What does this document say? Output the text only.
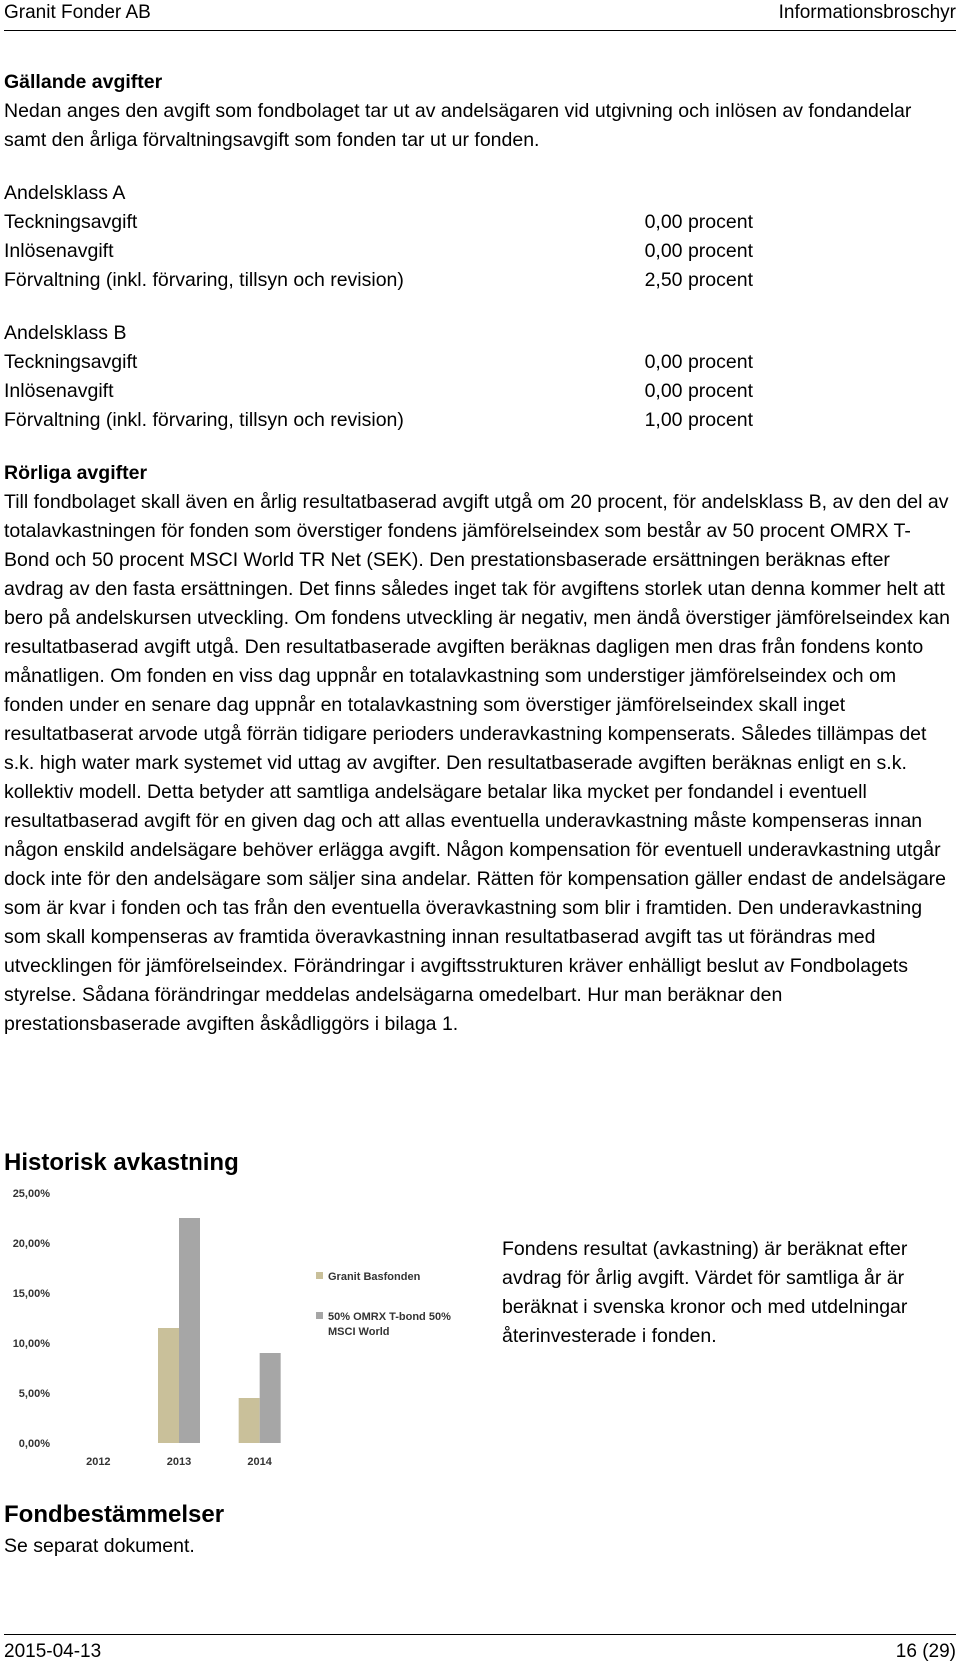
Granit Fonder AB	Informationsbroschyr

Gällande avgifter

Nedan anges den avgift som fondbolaget tar ut av andelsägaren vid utgivning och inlösen av fondandelar samt den årliga förvaltningsavgift som fonden tar ut ur fonden.

Andelsklass A
Teckningsavgift	0,00 procent
Inlösenavgift	0,00 procent
Förvaltning (inkl. förvaring, tillsyn och revision)	2,50 procent
Andelsklass B
Teckningsavgift	0,00 procent
Inlösenavgift	0,00 procent
Förvaltning (inkl. förvaring, tillsyn och revision)	1,00 procent

Rörliga avgifter

Till fondbolaget skall även en årlig resultatbaserad avgift utgå om 20 procent, för andelsklass B, av den del av totalavkastningen för fonden som överstiger fondens jämförelseindex som består av 50 procent OMRX T-Bond och 50 procent MSCI World TR Net (SEK). Den prestationsbaserade ersättningen beräknas efter avdrag av den fasta ersättningen. Det finns således inget tak för avgiftens storlek utan denna kommer helt att bero på andelskursen utveckling. Om fondens utveckling är negativ, men ändå överstiger jämförelseindex kan resultatbaserad avgift utgå. Den resultatbaserade avgiften beräknas dagligen men dras från fondens konto månatligen. Om fonden en viss dag uppnår en totalavkastning som understiger jämförelseindex och om fonden under en senare dag uppnår en totalavkastning som överstiger jämförelseindex skall inget resultatbaserat arvode utgå förrän tidigare perioders underavkastning kompenserats. Således tillämpas det s.k. high water mark systemet vid uttag av avgifter. Den resultatbaserade avgiften beräknas enligt en s.k. kollektiv modell. Detta betyder att samtliga andelsägare betalar lika mycket per fondandel i eventuell resultatbaserad avgift för en given dag och att allas eventuella underavkastning måste kompenseras innan någon enskild andelsägare behöver erlägga avgift. Någon kompensation för eventuell underavkastning utgår dock inte för den andelsägare som säljer sina andelar. Rätten för kompensation gäller endast de andelsägare som är kvar i fonden och tas från den eventuella överavkastning som blir i framtiden. Den underavkastning som skall kompenseras av framtida överavkastning innan resultatbaserad avgift tas ut förändras med utvecklingen för jämförelseindex. Förändringar i avgiftsstrukturen kräver enhälligt beslut av Fondbolagets styrelse. Sådana förändringar meddelas andelsägarna omedelbart. Hur man beräknar den prestationsbaserade avgiften åskådliggörs i bilaga 1.

Historisk avkastning
0,00%
5,00%
10,00%
15,00%
20,00%
25,00%
2012	2013	2014
Granit Basfonden
50% OMRX T-bond 50%
MSCI World
Fondens resultat (avkastning) är beräknat efter avdrag för årlig avgift. Värdet för samtliga år är beräknat i svenska kronor och med utdelningar återinvesterade i fonden.
Fondbestämmelser
Se separat dokument.
2015-04-13	16 (29)
